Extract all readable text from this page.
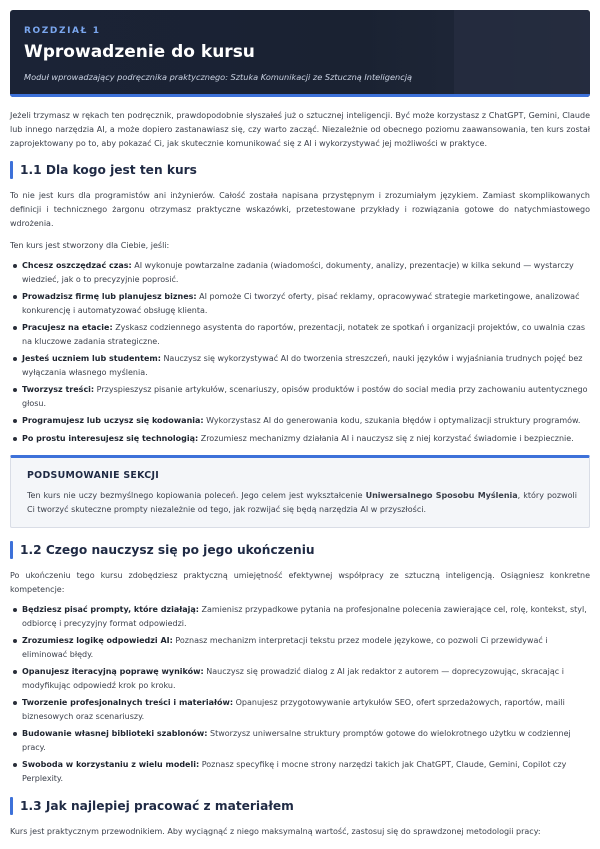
ROZDZIAŁ 1
Wprowadzenie do kursu
Moduł wprowadzający podręcznika praktycznego: Sztuka Komunikacji ze Sztuczną Inteligencją

Jeżeli trzymasz w rękach ten podręcznik, prawdopodobnie słyszałeś już o sztucznej inteligencji. Być może korzystasz z ChatGPT, Gemini, Claude lub innego narzędzia AI, a może dopiero zastanawiasz się, czy warto zacząć. Niezależnie od obecnego poziomu zaawansowania, ten kurs został zaprojektowany po to, aby pokazać Ci, jak skutecznie komunikować się z AI i wykorzystywać jej możliwości w praktyce.

1.1 Dla kogo jest ten kurs

To nie jest kurs dla programistów ani inżynierów. Całość została napisana przystępnym i zrozumiałym językiem. Zamiast skomplikowanych definicji i technicznego żargonu otrzymasz praktyczne wskazówki, przetestowane przykłady i rozwiązania gotowe do natychmiastowego wdrożenia.

Ten kurs jest stworzony dla Ciebie, jeśli:

Chcesz oszczędzać czas: AI wykonuje powtarzalne zadania (wiadomości, dokumenty, analizy, prezentacje) w kilka sekund — wystarczy wiedzieć, jak o to precyzyjnie poprosić.
Prowadzisz firmę lub planujesz biznes: AI pomoże Ci tworzyć oferty, pisać reklamy, opracowywać strategie marketingowe, analizować konkurencję i automatyzować obsługę klienta.
Pracujesz na etacie: Zyskasz codziennego asystenta do raportów, prezentacji, notatek ze spotkań i organizacji projektów, co uwalnia czas na kluczowe zadania strategiczne.
Jesteś uczniem lub studentem: Nauczysz się wykorzystywać AI do tworzenia streszczeń, nauki języków i wyjaśniania trudnych pojęć bez wyłączania własnego myślenia.
Tworzysz treści: Przyspieszysz pisanie artykułów, scenariuszy, opisów produktów i postów do social media przy zachowaniu autentycznego głosu.
Programujesz lub uczysz się kodowania: Wykorzystasz AI do generowania kodu, szukania błędów i optymalizacji struktury programów.
Po prostu interesujesz się technologią: Zrozumiesz mechanizmy działania AI i nauczysz się z niej korzystać świadomie i bezpiecznie.
PODSUMOWANIE SEKCJI

Ten kurs nie uczy bezmyślnego kopiowania poleceń. Jego celem jest wykształcenie Uniwersalnego Sposobu Myślenia, który pozwoli Ci tworzyć skuteczne prompty niezależnie od tego, jak rozwijać się będą narzędzia AI w przyszłości.

1.2 Czego nauczysz się po jego ukończeniu

Po ukończeniu tego kursu zdobędziesz praktyczną umiejętność efektywnej współpracy ze sztuczną inteligencją. Osiągniesz konkretne kompetencje:

Będziesz pisać prompty, które działają: Zamienisz przypadkowe pytania na profesjonalne polecenia zawierające cel, rolę, kontekst, styl, odbiorcę i precyzyjny format odpowiedzi.
Zrozumiesz logikę odpowiedzi AI: Poznasz mechanizm interpretacji tekstu przez modele językowe, co pozwoli Ci przewidywać i eliminować błędy.
Opanujesz iteracyjną poprawę wyników: Nauczysz się prowadzić dialog z AI jak redaktor z autorem — doprecyzowując, skracając i modyfikując odpowiedź krok po kroku.
Tworzenie profesjonalnych treści i materiałów: Opanujesz przygotowywanie artykułów SEO, ofert sprzedażowych, raportów, maili biznesowych oraz scenariuszy.
Budowanie własnej biblioteki szablonów: Stworzysz uniwersalne struktury promptów gotowe do wielokrotnego użytku w codziennej pracy.
Swoboda w korzystaniu z wielu modeli: Poznasz specyfikę i mocne strony narzędzi takich jak ChatGPT, Claude, Gemini, Copilot czy Perplexity.
1.3 Jak najlepiej pracować z materiałem

Kurs jest praktycznym przewodnikiem. Aby wyciągnąć z niego maksymalną wartość, zastosuj się do sprawdzonej metodologii pracy:
